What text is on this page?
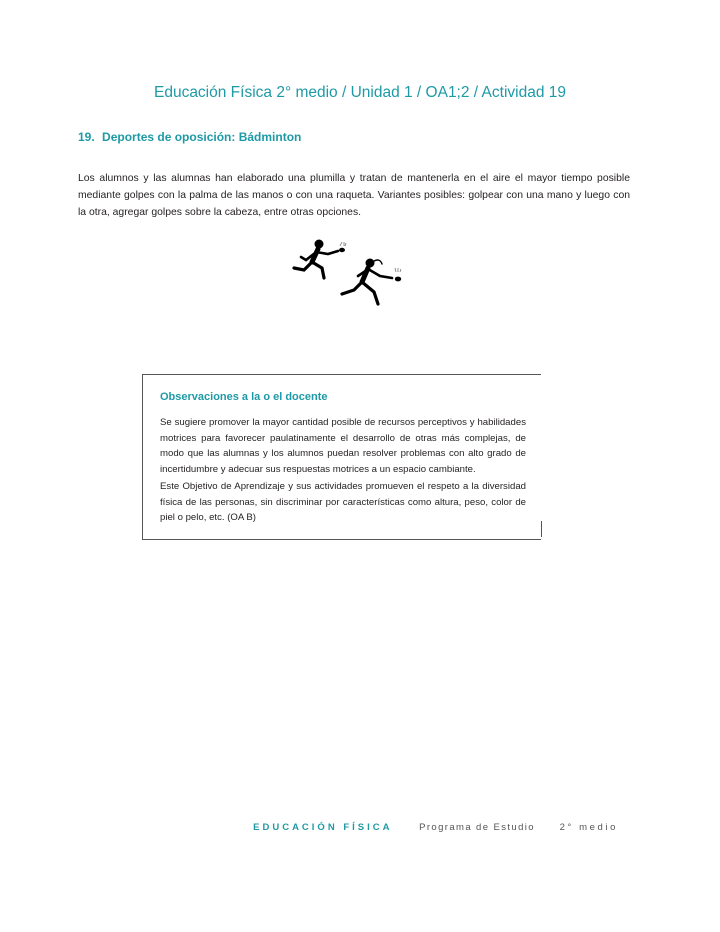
Educación Física 2° medio / Unidad 1 / OA1;2 / Actividad 19
19. Deportes de oposición: Bádminton

Los alumnos y las alumnas han elaborado una plumilla y tratan de mantenerla en el aire el mayor tiempo posible mediante golpes con la palma de las manos o con una raqueta. Variantes posibles: golpear con una mano y luego con la otra, agregar golpes sobre la cabeza, entre otras opciones.

Observaciones a la o el docente

Se sugiere promover la mayor cantidad posible de recursos perceptivos y habilidades motrices para favorecer paulatinamente el desarrollo de otras más complejas, de modo que las alumnas y los alumnos puedan resolver problemas con alto grado de incertidumbre y adecuar sus respuestas motrices a un espacio cambiante.

Este Objetivo de Aprendizaje y sus actividades promueven el respeto a la diversidad física de las personas, sin discriminar por características como altura, peso, color de piel o pelo, etc. (OA B)

EDUCACIÓN FÍSICA	Programa de Estudio	2° medio
